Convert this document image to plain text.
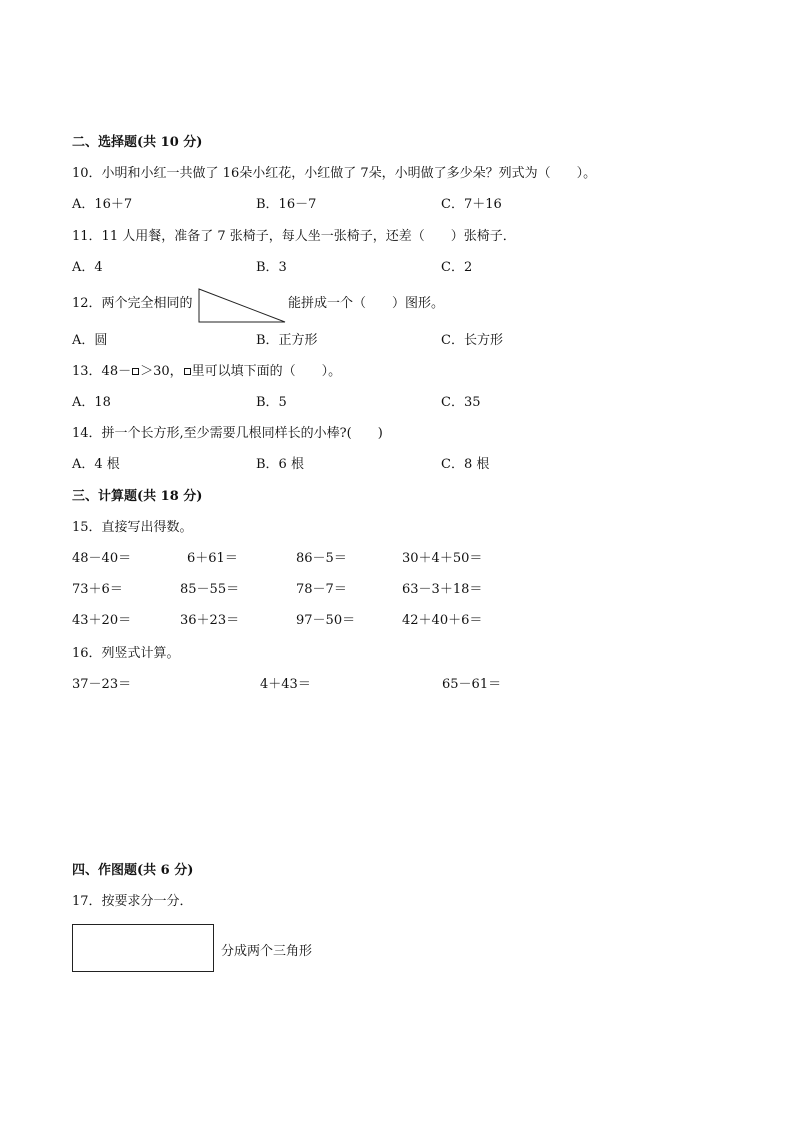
二、选择题(共 10 分)
10．小明和小红一共做了 16朵小红花，小红做了 7朵，小明做了多少朵？列式为（　　）。
A．16＋7	B．16－7	C．7＋16
11．11 人用餐，准备了 7 张椅子，每人坐一张椅子，还差（　　）张椅子．
A．4	B．3	C．2
12．两个完全相同的	能拼成一个（　　）图形。
A．圆	B．正方形	C．长方形
13．48－ ＞30， 里可以填下面的（　　）。
A．18	B．5	C．35
14．拼一个长方形,至少需要几根同样长的小棒?(　　)
A．4 根	B．6 根	C．8 根
三、计算题(共 18 分)
15．直接写出得数。
48－40＝	6＋61＝	86－5＝	30＋4＋50＝
73＋6＝	85－55＝	78－7＝	63－3＋18＝
43＋20＝	36＋23＝	97－50＝	42＋40＋6＝
16．列竖式计算。
37－23＝	4＋43＝	65－61＝
四、作图题(共 6 分)
17．按要求分一分．
分成两个三角形
